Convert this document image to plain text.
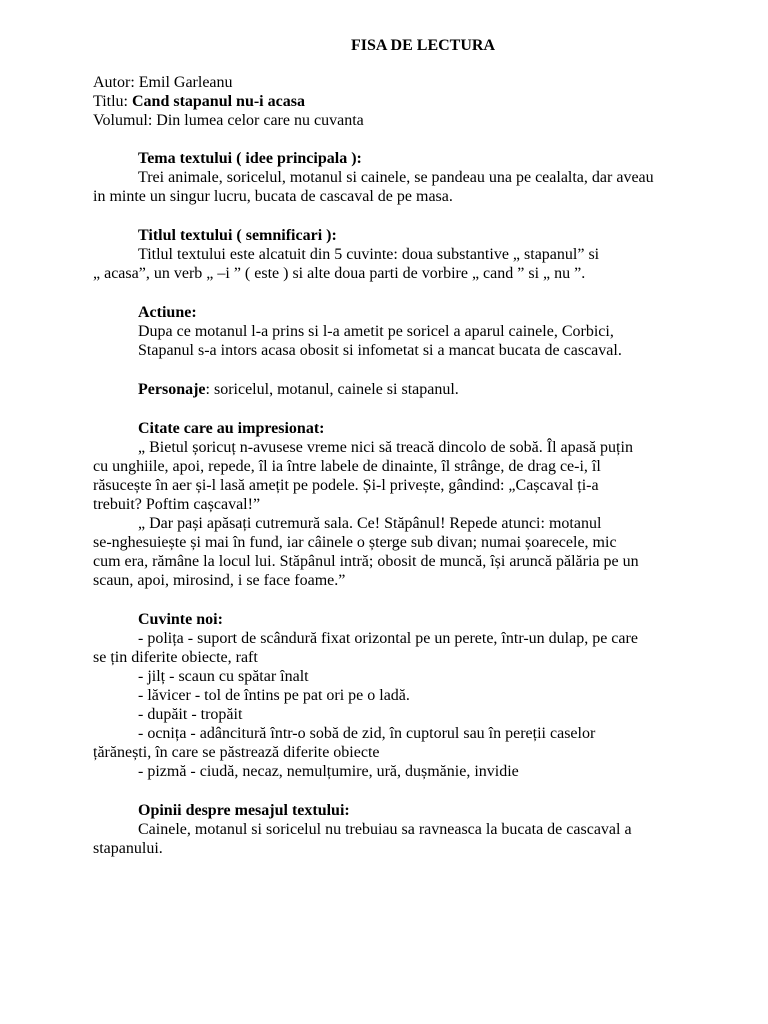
FISA DE LECTURA
Autor: Emil Garleanu
Titlu: Cand stapanul nu-i acasa
Volumul: Din lumea celor care nu cuvanta
Tema textului ( idee principala ):
Trei animale, soricelul, motanul si cainele, se pandeau una pe cealalta, dar aveau
in minte un singur lucru, bucata de cascaval de pe masa.
Titlul textului ( semnificari ):
Titlul textului este alcatuit din 5 cuvinte: doua substantive „ stapanul” si
„ acasa”, un verb „ –i ” ( este ) si alte doua parti de vorbire „ cand ” si „ nu ”.
Actiune:
Dupa ce motanul l-a prins si l-a ametit pe soricel a aparul cainele, Corbici,
Stapanul s-a intors acasa obosit si infometat si a mancat bucata de cascaval.
Personaje: soricelul, motanul, cainele si stapanul.
Citate care au impresionat:
„ Bietul șoricuț n-avusese vreme nici să treacă dincolo de sobă. Îl apasă puțin
cu unghiile, apoi, repede, îl ia între labele de dinainte, îl strânge, de drag ce-i, îl
răsucește în aer și-l lasă amețit pe podele. Și-l privește, gândind: „Cașcaval ți-a
trebuit? Poftim cașcaval!”
„ Dar pași apăsați cutremură sala. Ce! Stăpânul! Repede atunci: motanul
se-nghesuiește și mai în fund, iar câinele o șterge sub divan; numai șoarecele, mic
cum era, rămâne la locul lui. Stăpânul intră; obosit de muncă, își aruncă pălăria pe un
scaun, apoi, mirosind, i se face foame.”
Cuvinte noi:
- polița - suport de scândură fixat orizontal pe un perete, într-un dulap, pe care
se țin diferite obiecte, raft
- jilț - scaun cu spătar înalt
- lăvicer - tol de întins pe pat ori pe o ladă.
- dupăit - tropăit
- ocnița - adâncitură într-o sobă de zid, în cuptorul sau în pereții caselor
țărănești, în care se păstrează diferite obiecte
- pizmă - ciudă, necaz, nemulțumire, ură, dușmănie, invidie
Opinii despre mesajul textului:
Cainele, motanul si soricelul nu trebuiau sa ravneasca la bucata de cascaval a
stapanului.
